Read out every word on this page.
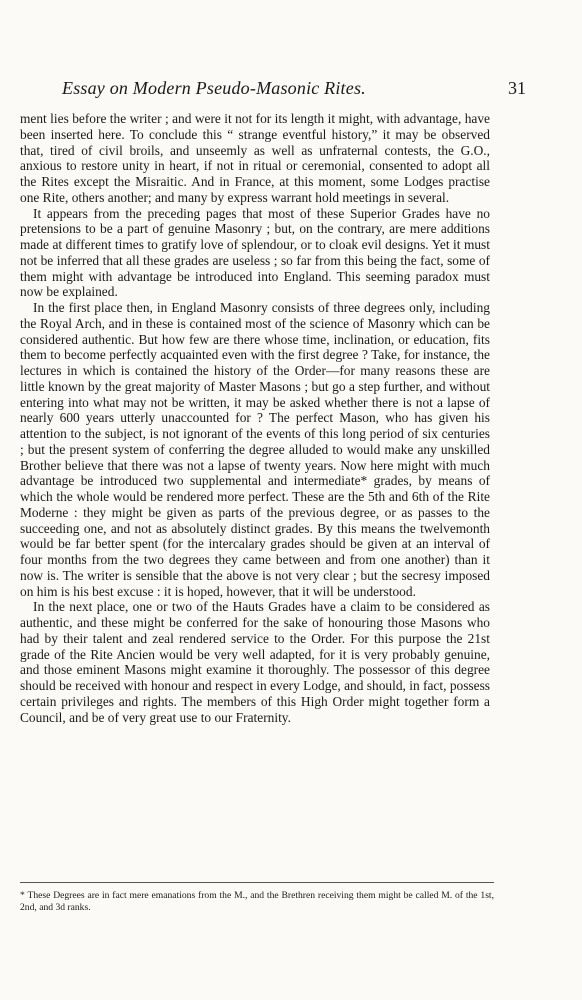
Essay on Modern Pseudo-Masonic Rites.	31

ment lies before the writer ; and were it not for its length it might, with advantage, have been inserted here. To conclude this “ strange eventful history,” it may be observed that, tired of civil broils, and unseemly as well as unfraternal contests, the G.O., anxious to restore unity in heart, if not in ritual or ceremonial, consented to adopt all the Rites except the Misraitic. And in France, at this moment, some Lodges practise one Rite, others another; and many by express warrant hold meetings in several.

It appears from the preceding pages that most of these Superior Grades have no pretensions to be a part of genuine Masonry ; but, on the contrary, are mere additions made at different times to gratify love of splendour, or to cloak evil designs. Yet it must not be inferred that all these grades are useless ; so far from this being the fact, some of them might with advantage be introduced into England. This seeming paradox must now be explained.

In the first place then, in England Masonry consists of three degrees only, including the Royal Arch, and in these is contained most of the science of Masonry which can be considered authentic. But how few are there whose time, inclination, or education, fits them to become perfectly acquainted even with the first degree ? Take, for instance, the lectures in which is contained the history of the Order—for many reasons these are little known by the great majority of Master Masons ; but go a step further, and without entering into what may not be written, it may be asked whether there is not a lapse of nearly 600 years utterly unaccounted for ? The perfect Mason, who has given his attention to the subject, is not ignorant of the events of this long period of six centuries ; but the present system of conferring the degree alluded to would make any unskilled Brother believe that there was not a lapse of twenty years. Now here might with much advantage be introduced two supplemental and intermediate* grades, by means of which the whole would be rendered more perfect. These are the 5th and 6th of the Rite Moderne : they might be given as parts of the previous degree, or as passes to the succeeding one, and not as absolutely distinct grades. By this means the twelvemonth would be far better spent (for the intercalary grades should be given at an interval of four months from the two degrees they came between and from one another) than it now is. The writer is sensible that the above is not very clear ; but the secresy imposed on him is his best excuse : it is hoped, however, that it will be understood.

In the next place, one or two of the Hauts Grades have a claim to be considered as authentic, and these might be conferred for the sake of honouring those Masons who had by their talent and zeal rendered service to the Order. For this purpose the 21st grade of the Rite Ancien would be very well adapted, for it is very probably genuine, and those eminent Masons might examine it thoroughly. The possessor of this degree should be received with honour and respect in every Lodge, and should, in fact, possess certain privileges and rights. The members of this High Order might together form a Council, and be of very great use to our Fraternity.

* These Degrees are in fact mere emanations from the M., and the Brethren receiving them might be called M. of the 1st, 2nd, and 3d ranks.
